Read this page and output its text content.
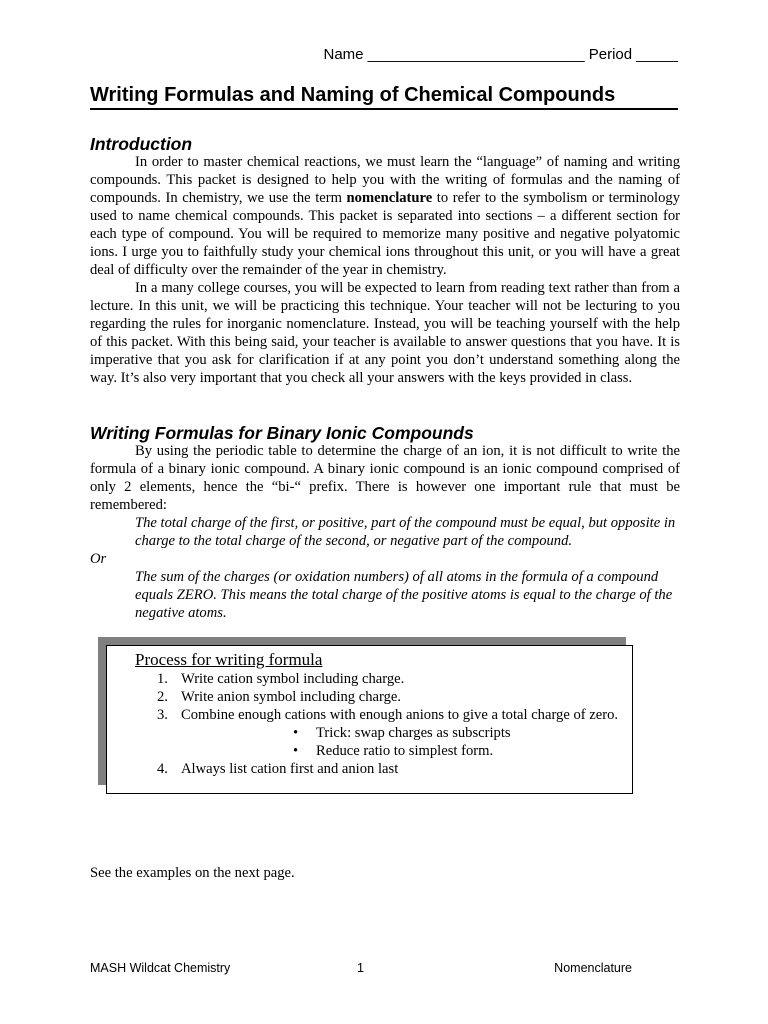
Name __________________________ Period _____
Writing Formulas and Naming of Chemical Compounds
Introduction

In order to master chemical reactions, we must learn the “language” of naming and writing compounds. This packet is designed to help you with the writing of formulas and the naming of compounds. In chemistry, we use the term nomenclature to refer to the symbolism or terminology used to name chemical compounds. This packet is separated into sections – a different section for each type of compound. You will be required to memorize many positive and negative polyatomic ions. I urge you to faithfully study your chemical ions throughout this unit, or you will have a great deal of difficulty over the remainder of the year in chemistry.

In a many college courses, you will be expected to learn from reading text rather than from a lecture. In this unit, we will be practicing this technique. Your teacher will not be lecturing to you regarding the rules for inorganic nomenclature. Instead, you will be teaching yourself with the help of this packet. With this being said, your teacher is available to answer questions that you have. It is imperative that you ask for clarification if at any point you don’t understand something along the way. It’s also very important that you check all your answers with the keys provided in class.

Writing Formulas for Binary Ionic Compounds

By using the periodic table to determine the charge of an ion, it is not difficult to write the formula of a binary ionic compound. A binary ionic compound is an ionic compound comprised of only 2 elements, hence the “bi-“ prefix. There is however one important rule that must be remembered:

The total charge of the first, or positive, part of the compound must be equal, but opposite in charge to the total charge of the second, or negative part of the compound.
Or
The sum of the charges (or oxidation numbers) of all atoms in the formula of a compound equals ZERO. This means the total charge of the positive atoms is equal to the charge of the negative atoms.
Process for writing formula
1. Write cation symbol including charge.
2. Write anion symbol including charge.
3. Combine enough cations with enough anions to give a total charge of zero.
• Trick: swap charges as subscripts
• Reduce ratio to simplest form.
4. Always list cation first and anion last
See the examples on the next page.
MASH Wildcat Chemistry	1	Nomenclature
